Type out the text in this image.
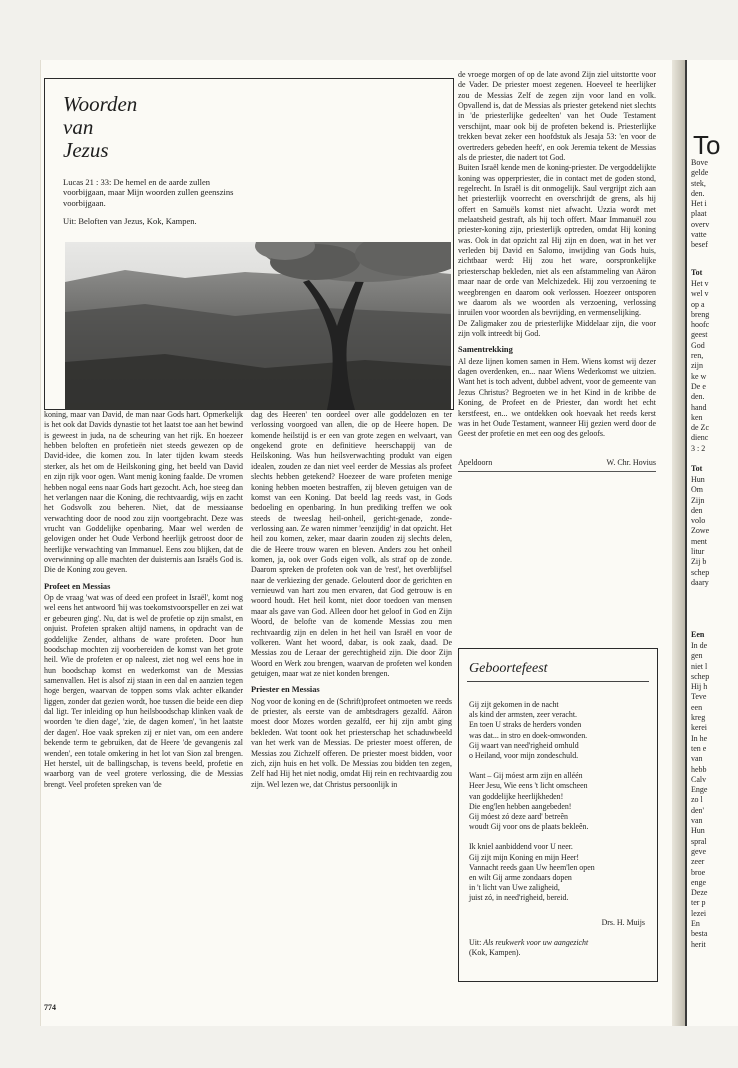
Woorden
van
Jezus

Lucas 21 : 33: De hemel en de aarde zullen voorbijgaan, maar Mijn woorden zullen geenszins voorbijgaan.

Uit: Beloften van Jezus, Kok, Kampen.

koning, maar van David, de man naar Gods hart. Opmerkelijk is het ook dat Davids dynastie tot het laatst toe aan het bewind is geweest in juda, na de scheuring van het rijk. En hoezeer hebben beloften en profetieën niet steeds gewezen op de David-idee, die komen zou. In later tijden kwam steeds sterker, als het om de Heilskoning ging, het beeld van David en zijn rijk voor ogen. Want menig koning faalde. De vromen hebben nogal eens naar Gods hart gezocht. Ach, hoe steeg dan het verlangen naar die Koning, die rechtvaardig, wijs en zacht het Godsvolk zou beheren. Niet, dat de messiaanse verwachting door de nood zou zijn voortgebracht. Deze was vrucht van Goddelijke openbaring. Maar wel werden de gelovigen onder het Oude Verbond heerlijk getroost door de heerlijke verwachting van Immanuel. Eens zou blijken, dat de overwinning op alle machten der duisternis aan Israëls God is. Die de Koning zou geven.

Profeet en Messias

Op de vraag 'wat was of deed een profeet in Israël', komt nog wel eens het antwoord 'hij was toekomstvoorspeller en zei wat er gebeuren ging'. Nu, dat is wel de profetie op zijn smalst, en onjuist. Profeten spraken altijd namens, in opdracht van de goddelijke Zender, althans de ware profeten. Door hun boodschap mochten zij voorbereiden de komst van het grote heil. Wie de profeten er op naleest, ziet nog wel eens hoe in hun boodschap komst en wederkomst van de Messias samenvallen. Het is alsof zij staan in een dal en aanzien tegen hoge bergen, waarvan de toppen soms vlak achter elkander liggen, zonder dat gezien wordt, hoe tussen die beide een diep dal ligt. Ter inleiding op hun heilsboodschap klinken vaak de woorden 'te dien dage', 'zie, de dagen komen', 'in het laatste der dagen'. Hoe vaak spreken zij er niet van, om een andere bekende term te gebruiken, dat de Heere 'de gevangenis zal wenden', een totale omkering in het lot van Sion zal brengen. Het herstel, uit de ballingschap, is tevens beeld, profetie en waarborg van de veel grotere verlossing, die de Messias brengt. Veel profeten spreken van 'de

dag des Heeren' ten oordeel over alle goddelozen en ter verlossing voorgoed van allen, die op de Heere hopen. De komende heilstijd is er een van grote zegen en welvaart, van ongekend grote en definitieve heerschappij van de Heilskoning. Was hun heilsverwachting produkt van eigen idealen, zouden ze dan niet veel eerder de Messias als profeet slechts hebben getekend? Hoezeer de ware profeten menige koning hebben moeten bestraffen, zij bleven getuigen van de komst van een Koning. Dat beeld lag reeds vast, in Gods bedoeling en openbaring. In hun prediking treffen we ook steeds de tweeslag heil-onheil, gericht-genade, zonde-verlossing aan. Ze waren nimmer 'eenzijdig' in dat opzicht. Het heil zou komen, zeker, maar daarin zouden zij slechts delen, die de Heere trouw waren en bleven. Anders zou het onheil komen, ja, ook over Gods eigen volk, als straf op de zonde. Daarom spreken de profeten ook van de 'rest', het overblijfsel naar de verkiezing der genade. Gelouterd door de gerichten en vernieuwd van hart zou men ervaren, dat God getrouw is en woord houdt. Het heil komt, niet door toedoen van mensen maar als gave van God. Alleen door het geloof in God en Zijn Woord, de belofte van de komende Messias zou men rechtvaardig zijn en delen in het heil van Israël en voor de volkeren. Want het woord, dabar, is ook zaak, daad. De Messias zou de Leraar der gerechtigheid zijn. Die door Zijn Woord en Werk zou brengen, waarvan de profeten wel konden getuigen, maar wat ze niet konden brengen.

Priester en Messias

Nog voor de koning en de (Schrift)profeet ontmoeten we reeds de priester, als eerste van de ambtsdragers gezalfd. Aäron moest door Mozes worden gezalfd, eer hij zijn ambt ging bekleden. Wat toont ook het priesterschap het schaduwbeeld van het werk van de Messias. De priester moest offeren, de Messias zou Zichzelf offeren. De priester moest bidden, voor zich, zijn huis en het volk. De Messias zou bidden ten zegen, Zelf had Hij het niet nodig, omdat Hij rein en rechtvaardig zou zijn. Wel lezen we, dat Christus persoonlijk in

de vroege morgen of op de late avond Zijn ziel uitstortte voor de Vader. De priester moest zegenen. Hoeveel te heerlijker zou de Messias Zelf de zegen zijn voor land en volk. Opvallend is, dat de Messias als priester getekend niet slechts in 'de priesterlijke gedeelten' van het Oude Testament verschijnt, maar ook bij de profeten bekend is. Priesterlijke trekken bevat zeker een hoofdstuk als Jesaja 53: 'en voor de overtreders gebeden heeft', en ook Jeremia tekent de Messias als de priester, die nadert tot God.

Buiten Israël kende men de koning-priester. De vergoddelijkte koning was opperpriester, die in contact met de goden stond, regelrecht. In Israël is dit onmogelijk. Saul vergrijpt zich aan het priesterlijk voorrecht en overschrijdt de grens, als hij offert en Samuëls komst niet afwacht. Uzzia wordt met melaatsheid gestraft, als hij toch offert. Maar Immanuël zou priester-koning zijn, priesterlijk optreden, omdat Hij koning was. Ook in dat opzicht zal Hij zijn en doen, wat in het ver verleden bij David en Salomo, inwijding van Gods huis, zichtbaar werd: Hij zou het ware, oorspronkelijke priesterschap bekleden, niet als een afstammeling van Aäron maar naar de orde van Melchizedek. Hij zou verzoening te weegbrengen en daarom ook verlossen. Hoezeer ontsporen we daarom als we woorden als verzoening, verlossing inruilen voor woorden als bevrijding, en vermenselijking.

De Zaligmaker zou de priesterlijke Middelaar zijn, die voor zijn volk intreedt bij God.

Samentrekking

Al deze lijnen komen samen in Hem. Wiens komst wij dezer dagen overdenken, en... naar Wiens Wederkomst we uitzien. Want het is toch advent, dubbel advent, voor de gemeente van Jezus Christus? Begroeten we in het Kind in de kribbe de Koning, de Profeet en de Priester, dan wordt het echt kerstfeest, en... we ontdekken ook hoevaak het reeds kerst was in het Oude Testament, wanneer Hij gezien werd door de Geest der profetie en met een oog des geloofs.

Apeldoorn	W. Chr. Hovius
Geboortefeest

Gij zijt gekomen in de nacht
als kind der armsten, zeer veracht.
En toen U straks de herders vonden
was dat... in stro en doek-omwonden.
Gij waart van need'righeid omhuld
o Heiland, voor mijn zondeschuld.

Want – Gij móest arm zijn en alléén
Heer Jesu, Wie eens 't licht omscheen
van goddelijke heerlijkheden!
Die eng'len hebben aangebeden!
Gij móest zó deze aard' betreên
woudt Gij voor ons de plaats bekleên.

Ik kniel aanbiddend voor U neer.
Gij zijt mijn Koning en mijn Heer!
Vannacht reeds gaan Uw heem'len open
en wilt Gij arme zondaars dopen
in 't licht van Uwe zaligheid,
juist zó, in need'righeid, bereid.

Drs. H. Muijs
Uit: Als reukwerk voor uw aangezicht
(Kok, Kampen).
774
To
Bove
gelde
stek,
den.
Het i
plaat
overv
vatte
besef
Tot
Het v
wel v
op a
breng
hoofc
geest
God
ren,
zijn
ke w
De e
den.
hand
ken
de Zc
dienc
3 : 2
Tot
Hun
Om
Zijn
den
volo
Zowe
ment
litur
Zij b
schep
daary
Een
In de
gen
niet l
schep
Hij h
Teve
een
kreg
kerei
In he
ten e
van
hebb
Calv
Enge
zo l
den'
van
Hun
spral
geve
zeer
broe
enge
Deze
ter p
lezei
En
besta
herit
